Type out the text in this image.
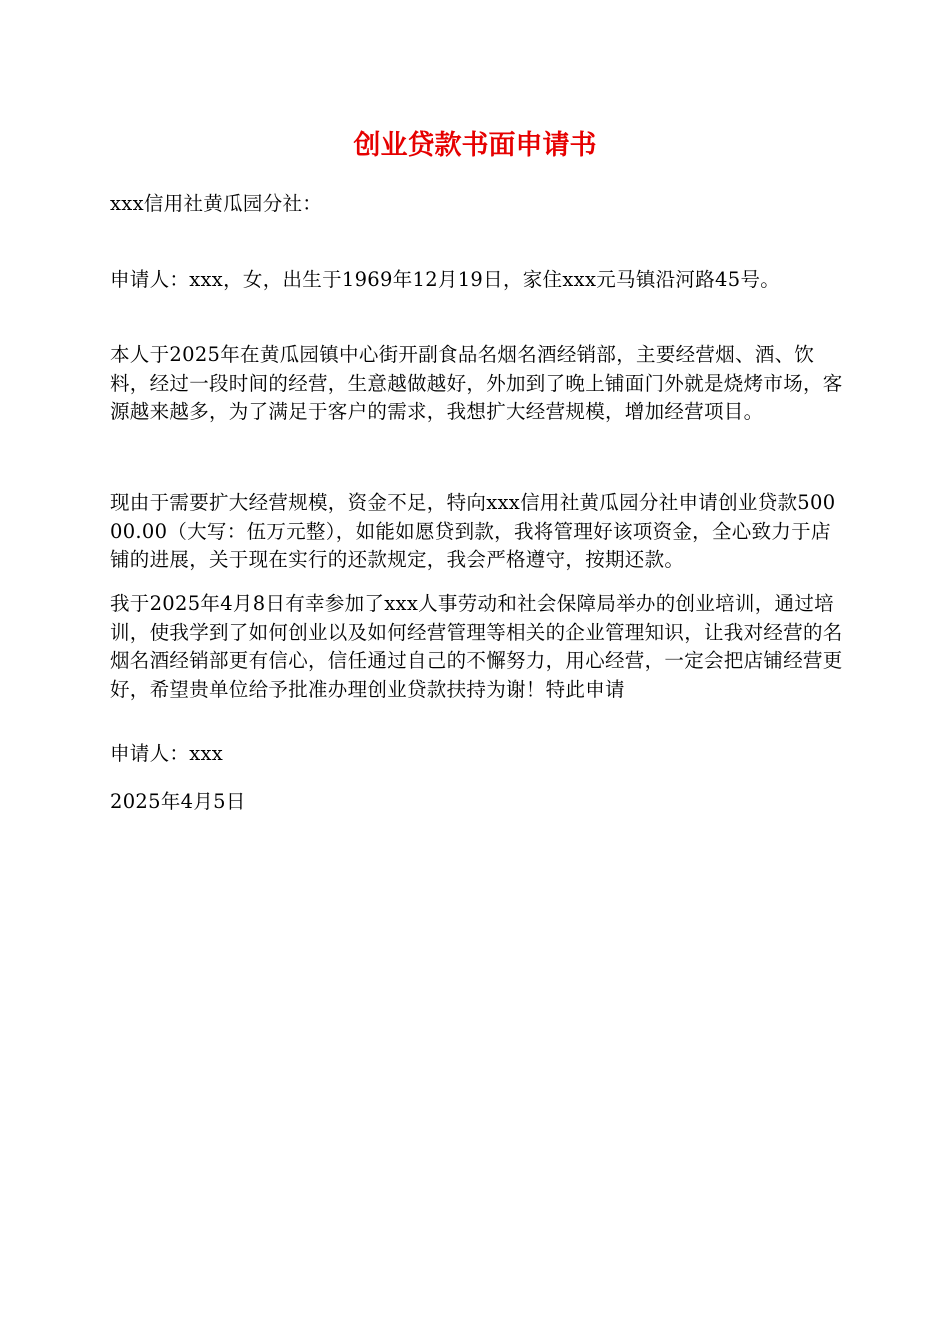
创业贷款书面申请书

xxx信用社黄瓜园分社：

申请人：xxx，女，出生于1969年12月19日，家住xxx元马镇沿河路45号。

本人于2025年在黄瓜园镇中心街开副食品名烟名酒经销部，主要经营烟、酒、饮料，经过一段时间的经营，生意越做越好，外加到了晚上铺面门外就是烧烤市场，客源越来越多，为了满足于客户的需求，我想扩大经营规模，增加经营项目。

现由于需要扩大经营规模，资金不足，特向xxx信用社黄瓜园分社申请创业贷款50000.00（大写：伍万元整），如能如愿贷到款，我将管理好该项资金，全心致力于店铺的进展，关于现在实行的还款规定，我会严格遵守，按期还款。

我于2025年4月8日有幸参加了xxx人事劳动和社会保障局举办的创业培训，通过培训，使我学到了如何创业以及如何经营管理等相关的企业管理知识，让我对经营的名烟名酒经销部更有信心，信任通过自己的不懈努力，用心经营，一定会把店铺经营更好，希望贵单位给予批准办理创业贷款扶持为谢！特此申请

申请人：xxx

2025年4月5日
